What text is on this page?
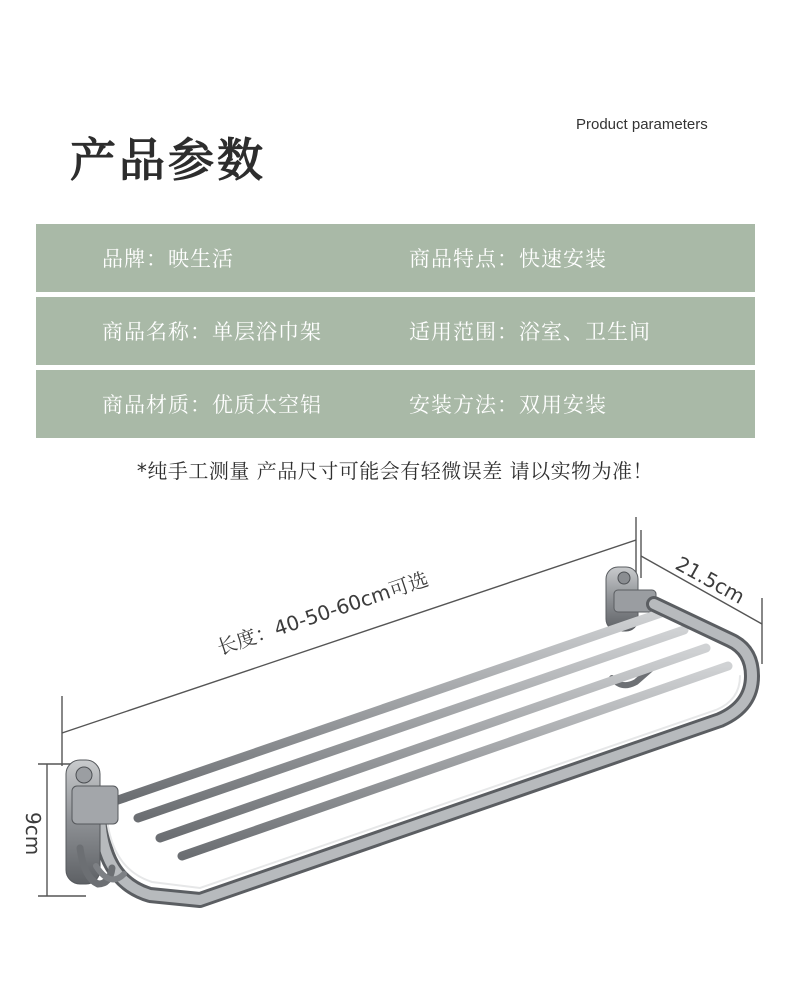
产品参数
Product parameters
品牌：映生活	商品特点：快速安装
商品名称：单层浴巾架	适用范围：浴室、卫生间
商品材质：优质太空铝	安装方法：双用安装
*纯手工测量 产品尺寸可能会有轻微误差 请以实物为准！
长度：40-50-60cm可选	21.5cm
9cm
